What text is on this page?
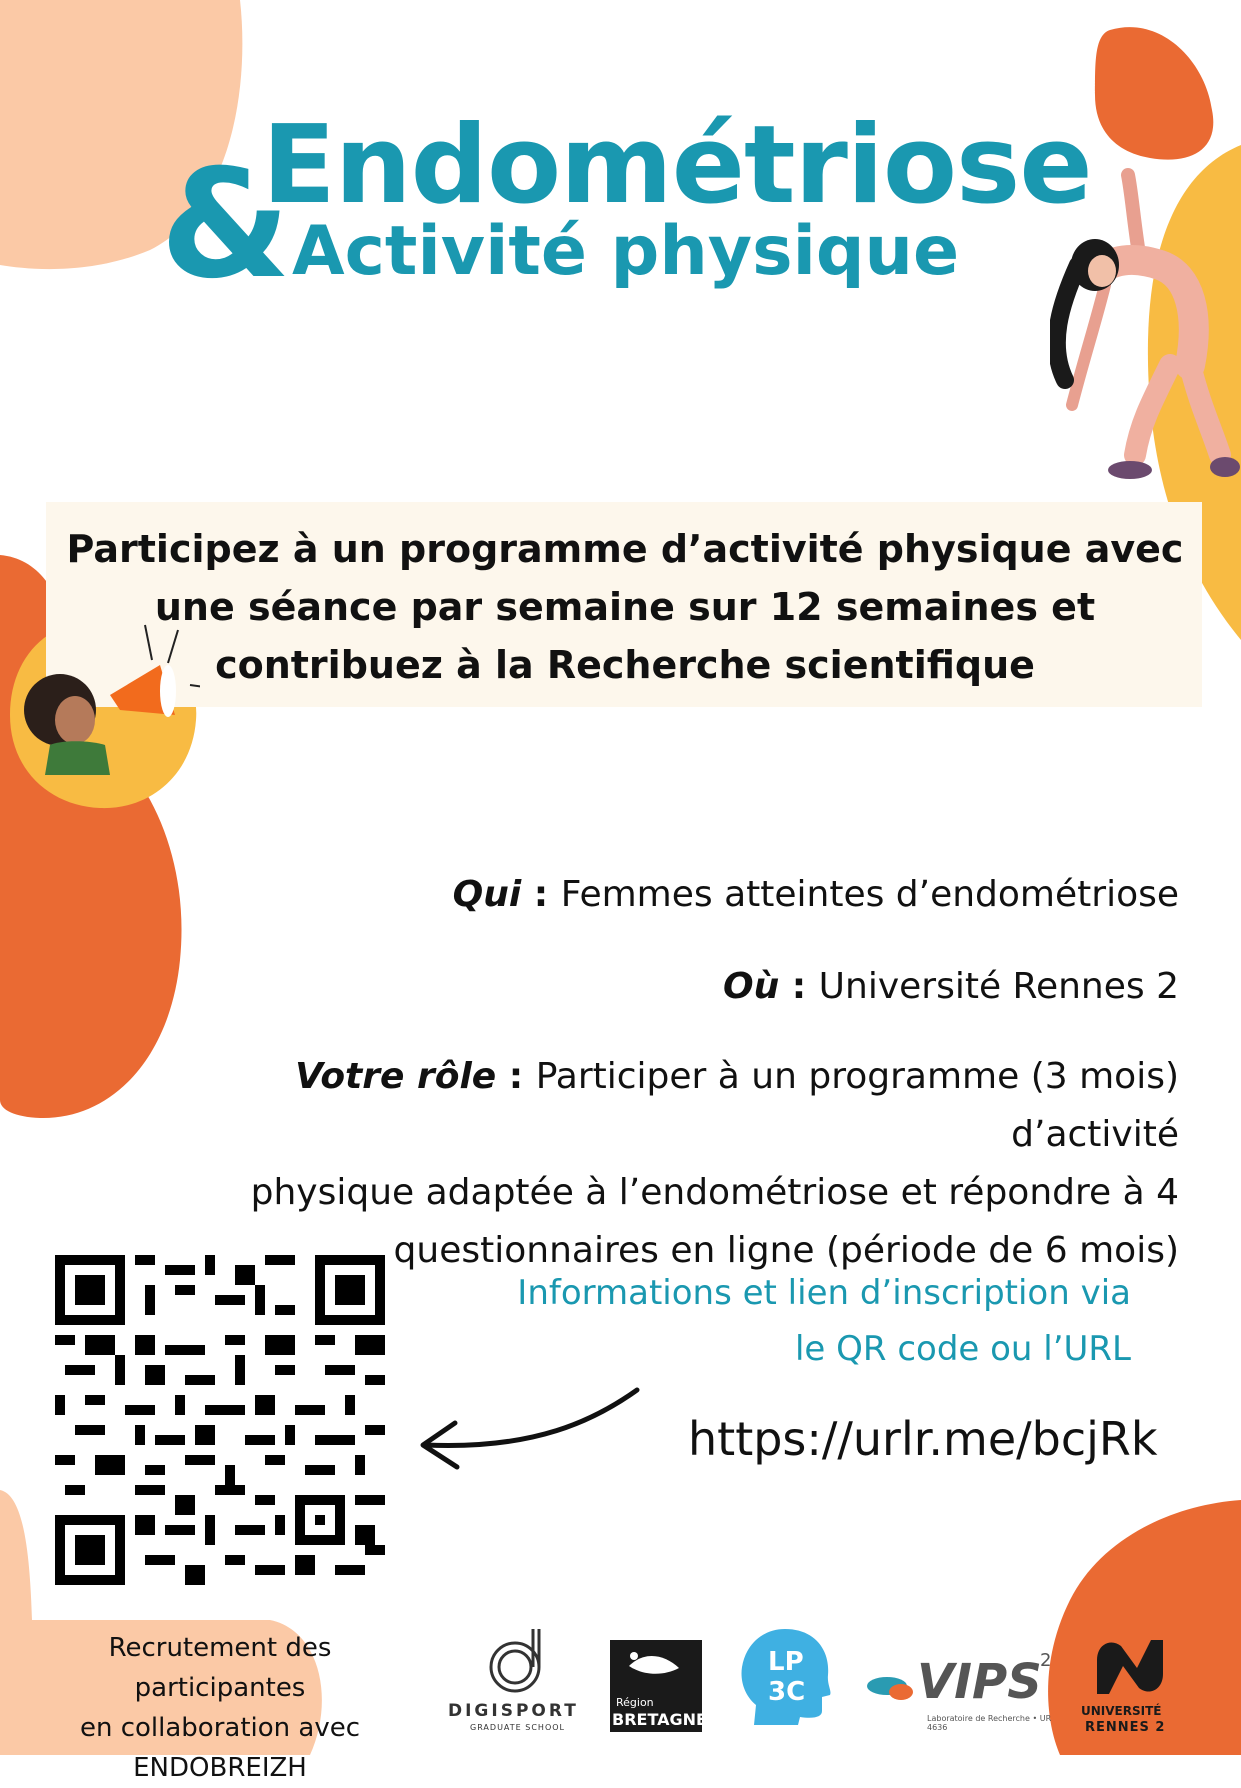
&
Endométriose
Activité physique
Participez à un programme d’activité physique avec
une séance par semaine sur 12 semaines et
contribuez à la Recherche scientifique
Qui : Femmes atteintes d’endométriose
Où : Université Rennes 2
Votre rôle : Participer à un programme (3 mois) d’activité
physique adaptée à l’endométriose et répondre à 4
questionnaires en ligne (période de 6 mois)
Informations et lien d’inscription via
le QR code ou l’URL
https://urlr.me/bcjRk
Recrutement des participantes
en collaboration avec
ENDOBREIZH
DIGISPORT
GRADUATE SCHOOL
Région
BRETAGNE
LP
3C VIPS
2
Laboratoire de Recherche • UR 4636
UNIVERSITÉ
RENNES 2
